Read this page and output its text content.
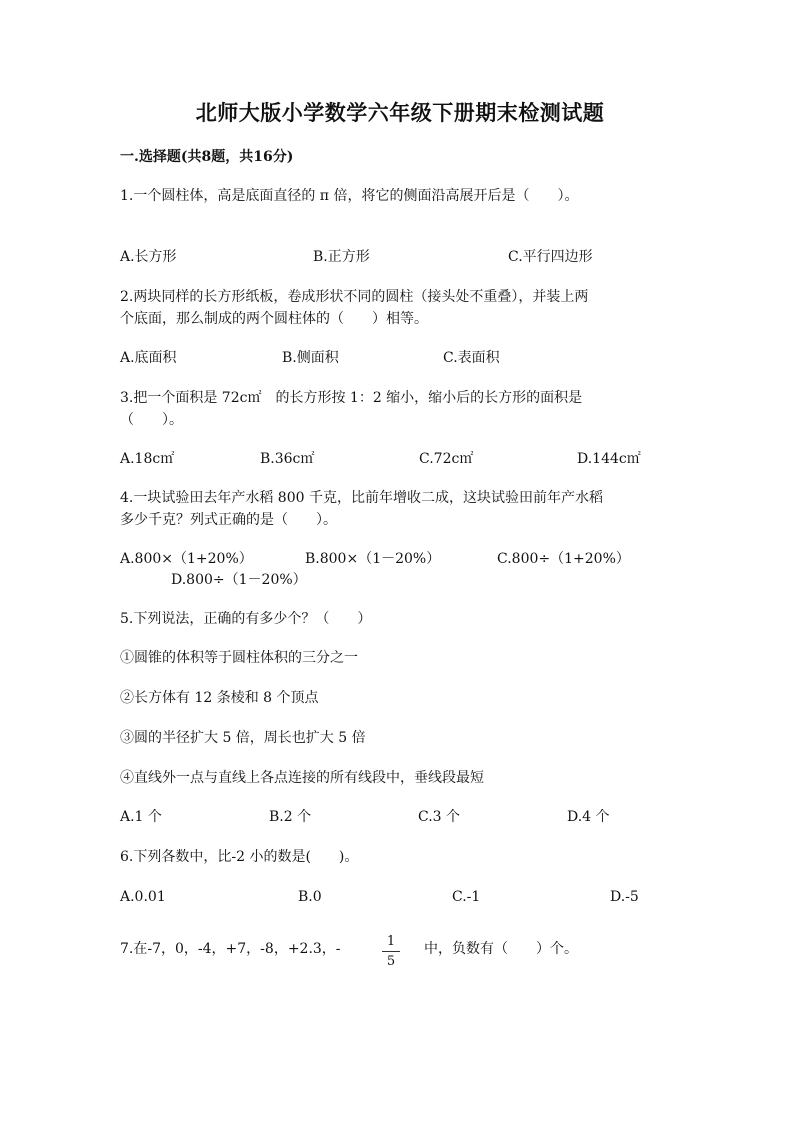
北师大版小学数学六年级下册期末检测试题
一.选择题(共8题，共16分)
1.一个圆柱体，高是底面直径的 π 倍，将它的侧面沿高展开后是（　　）。
A.长方形	B.正方形	C.平行四边形
2.两块同样的长方形纸板，卷成形状不同的圆柱（接头处不重叠），并装上两
个底面，那么制成的两个圆柱体的（　　）相等。
A.底面积	B.侧面积	C.表面积
3.把一个面积是 72c㎡　的长方形按 1：2 缩小，缩小后的长方形的面积是
（　　）。
A.18c㎡	B.36c㎡	C.72c㎡	D.144c㎡
4.一块试验田去年产水稻 800 千克，比前年增收二成，这块试验田前年产水稻
多少千克？列式正确的是（　　）。
A.800×（1+20%）	B.800×（1－20%）	C.800÷（1+20%）
D.800÷（1－20%）
5.下列说法，正确的有多少个？（　　）
①圆锥的体积等于圆柱体积的三分之一
②长方体有 12 条棱和 8 个顶点
③圆的半径扩大 5 倍，周长也扩大 5 倍
④直线外一点与直线上各点连接的所有线段中，垂线段最短
A.1 个	B.2 个	C.3 个	D.4 个
6.下列各数中，比-2 小的数是(　　)。
A.0.01	B.0	C.-1	D.-5
7.在-7，0，-4，+7，-8，+2.3，-	1
5
中，负数有（　　）个。
